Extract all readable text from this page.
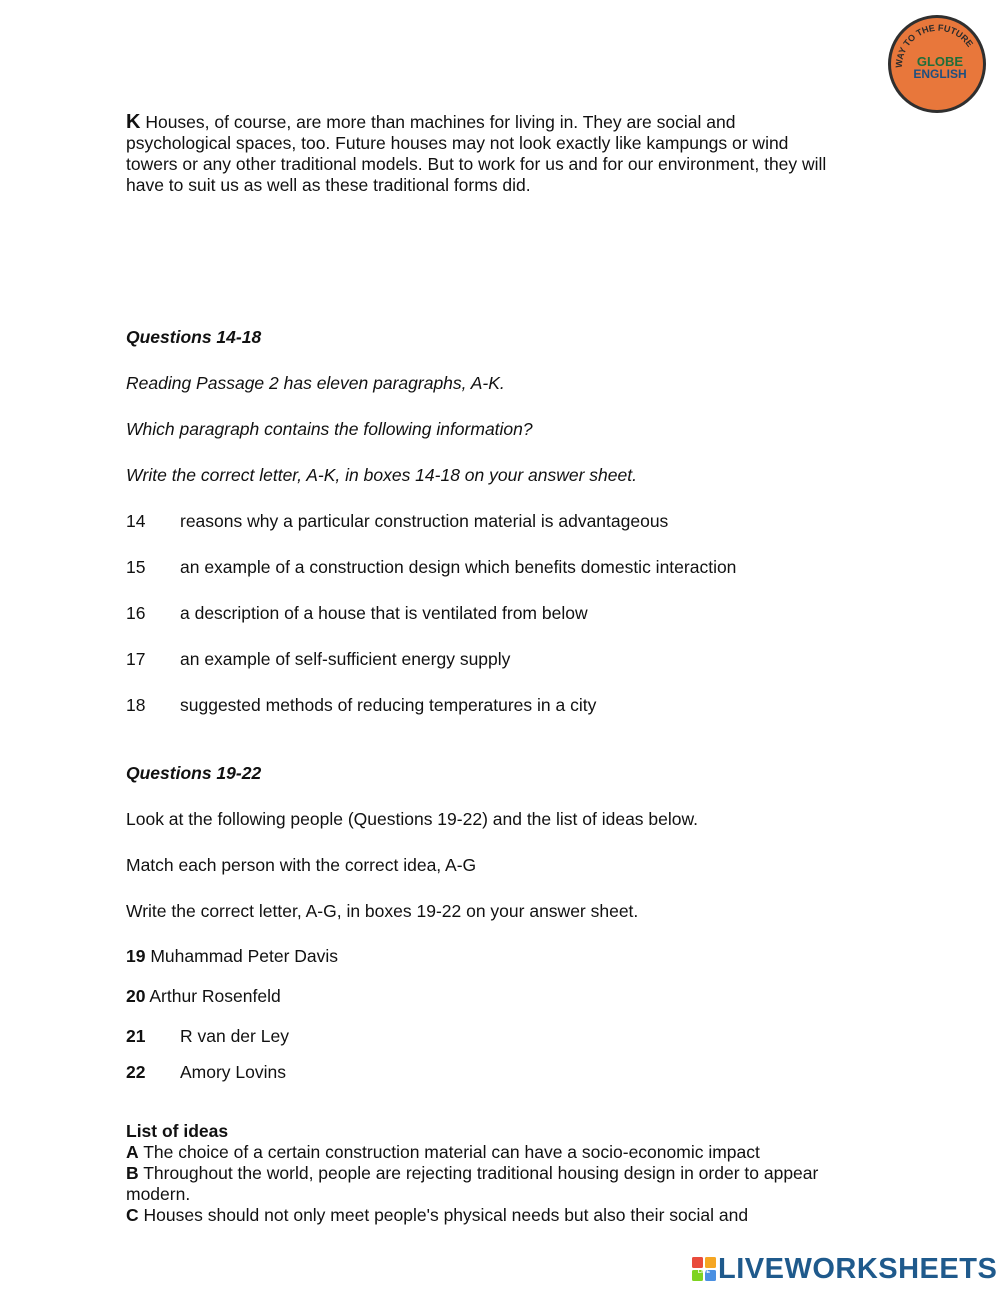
WAY TO THE FUTURE
GLOBE
ENGLISH
K Houses, of course, are more than machines for living in. They are social and
psychological spaces, too. Future houses may not look exactly like kampungs or wind
towers or any other traditional models. But to work for us and for our environment, they will
have to suit us as well as these traditional forms did.
Questions 14-18
Reading Passage 2 has eleven paragraphs, A-K.
Which paragraph contains the following information?
Write the correct letter, A-K, in boxes 14-18 on your answer sheet.
14 reasons why a particular construction material is advantageous
15 an example of a construction design which benefits domestic interaction
16 a description of a house that is ventilated from below
17 an example of self-sufficient energy supply
18 suggested methods of reducing temperatures in a city
Questions 19-22
Look at the following people (Questions 19-22) and the list of ideas below.
Match each person with the correct idea, A-G
Write the correct letter, A-G, in boxes 19-22 on your answer sheet.
19 Muhammad Peter Davis
20 Arthur Rosenfeld
21 R van der Ley
22 Amory Lovins
List of ideas
A The choice of a certain construction material can have a socio-economic impact
B Throughout the world, people are rejecting traditional housing design in order to appear
modern.
C Houses should not only meet people's physical needs but also their social and
LIVE LIVEWORKSHEETS
